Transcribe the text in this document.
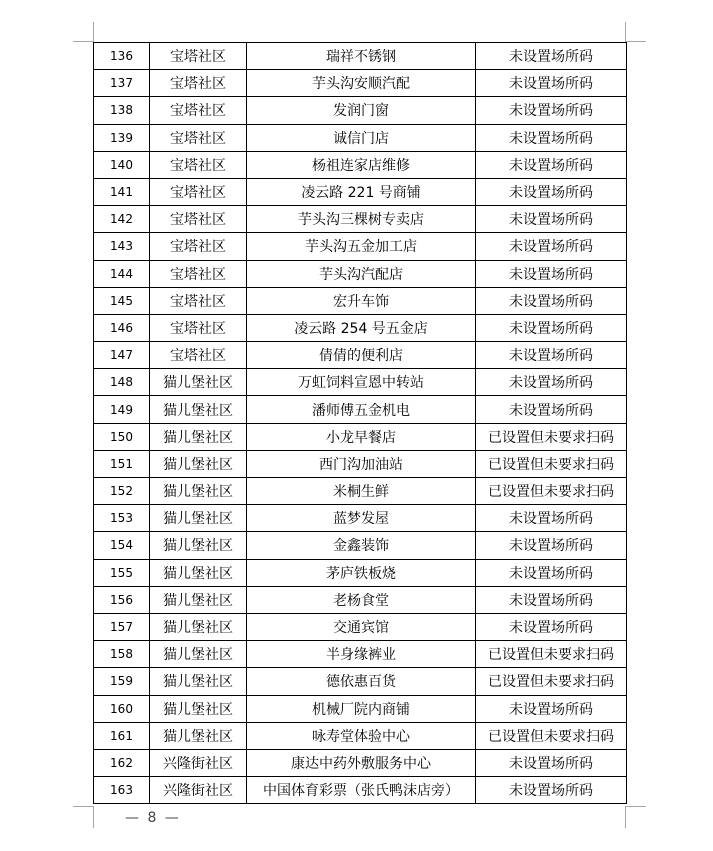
136	宝塔社区	瑞祥不锈钢	未设置场所码
137	宝塔社区	芋头沟安顺汽配	未设置场所码
138	宝塔社区	发润门窗	未设置场所码
139	宝塔社区	诚信门店	未设置场所码
140	宝塔社区	杨祖连家店维修	未设置场所码
141	宝塔社区	凌云路 221 号商铺	未设置场所码
142	宝塔社区	芋头沟三棵树专卖店	未设置场所码
143	宝塔社区	芋头沟五金加工店	未设置场所码
144	宝塔社区	芋头沟汽配店	未设置场所码
145	宝塔社区	宏升车饰	未设置场所码
146	宝塔社区	凌云路 254 号五金店	未设置场所码
147	宝塔社区	倩倩的便利店	未设置场所码
148	猫儿堡社区	万虹饲料宣恩中转站	未设置场所码
149	猫儿堡社区	潘师傅五金机电	未设置场所码
150	猫儿堡社区	小龙早餐店	已设置但未要求扫码
151	猫儿堡社区	西门沟加油站	已设置但未要求扫码
152	猫儿堡社区	米桐生鲜	已设置但未要求扫码
153	猫儿堡社区	蓝梦发屋	未设置场所码
154	猫儿堡社区	金鑫装饰	未设置场所码
155	猫儿堡社区	茅庐铁板烧	未设置场所码
156	猫儿堡社区	老杨食堂	未设置场所码
157	猫儿堡社区	交通宾馆	未设置场所码
158	猫儿堡社区	半身缘裤业	已设置但未要求扫码
159	猫儿堡社区	德依惠百货	已设置但未要求扫码
160	猫儿堡社区	机械厂院内商铺	未设置场所码
161	猫儿堡社区	咏寿堂体验中心	已设置但未要求扫码
162	兴隆街社区	康达中药外敷服务中心	未设置场所码
163	兴隆街社区	中国体育彩票（张氏鸭沫店旁）	未设置场所码
— 8 —
